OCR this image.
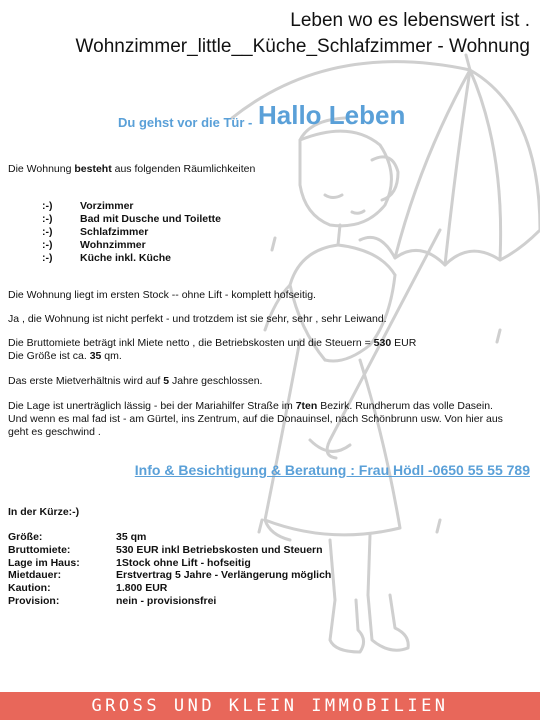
Leben wo es lebenswert ist .
Wohnzimmer_little__Küche_Schlafzimmer - Wohnung
Du gehst vor die Tür - Hallo Leben
Die Wohnung besteht aus folgenden Räumlichkeiten
:-)	Vorzimmer
:-)	Bad mit Dusche und Toilette
:-)	Schlafzimmer
:-)	Wohnzimmer
:-)	Küche inkl. Küche
Die Wohnung liegt im ersten Stock -- ohne Lift - komplett hofseitig.
Ja , die Wohnung ist nicht perfekt - und trotzdem ist sie sehr, sehr , sehr Leiwand.
Die Bruttomiete beträgt inkl Miete netto , die Betriebskosten und die Steuern = 530 EUR
Die Größe ist ca. 35 qm.
Das erste Mietverhältnis wird auf 5 Jahre geschlossen.
Die Lage ist unerträglich lässig - bei der Mariahilfer Straße im 7ten Bezirk. Rundherum das volle Dasein.
Und wenn es mal fad ist - am Gürtel, ins Zentrum, auf die Donauinsel, nach Schönbrunn usw. Von hier aus
geht es geschwind .
Info & Besichtigung & Beratung : Frau Hödl -0650 55 55 789
In der Kürze:-)
Größe:	35 qm
Bruttomiete:	530 EUR inkl Betriebskosten und Steuern
Lage im Haus:	1Stock ohne Lift - hofseitig
Mietdauer:	Erstvertrag 5 Jahre - Verlängerung möglich
Kaution:	1.800 EUR
Provision:	nein - provisionsfrei
GROSS UND KLEIN IMMOBILIEN
